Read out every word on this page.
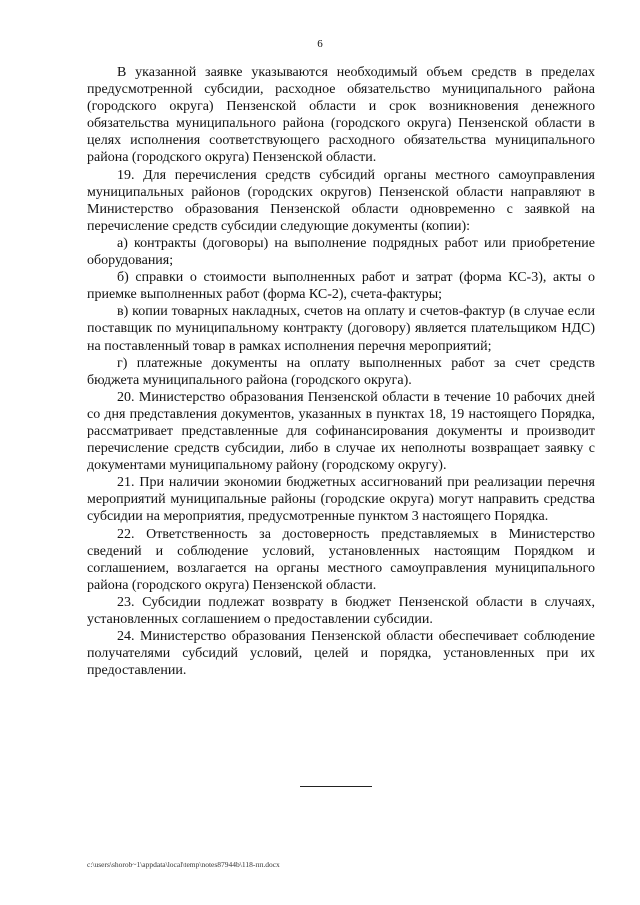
6

В указанной заявке указываются необходимый объем средств в пределах предусмотренной субсидии, расходное обязательство муниципального района (городского округа) Пензенской области и срок возникновения денежного обязательства муниципального района (городского округа) Пензенской области в целях исполнения соответствующего расходного обязательства муниципального района (городского округа) Пензенской области.

19. Для перечисления средств субсидий органы местного самоуправления муниципальных районов (городских округов) Пензенской области направляют в Министерство образования Пензенской области одновременно с заявкой на перечисление средств субсидии следующие документы (копии):

а) контракты (договоры) на выполнение подрядных работ или приобретение оборудования;

б) справки о стоимости выполненных работ и затрат (форма КС-3), акты о приемке выполненных работ (форма КС-2), счета-фактуры;

в) копии товарных накладных, счетов на оплату и счетов-фактур (в случае если поставщик по муниципальному контракту (договору) является плательщиком НДС) на поставленный товар в рамках исполнения перечня мероприятий;

г) платежные документы на оплату выполненных работ за счет средств бюджета муниципального района (городского округа).

20. Министерство образования Пензенской области в течение 10 рабочих дней со дня представления документов, указанных в пунктах 18, 19 настоящего Порядка, рассматривает представленные для софинансирования документы и производит перечисление средств субсидии, либо в случае их неполноты возвращает заявку с документами муниципальному району (городскому округу).

21. При наличии экономии бюджетных ассигнований при реализации перечня мероприятий муниципальные районы (городские округа) могут направить средства субсидии на мероприятия, предусмотренные пунктом 3 настоящего Порядка.

22. Ответственность за достоверность представляемых в Министерство сведений и соблюдение условий, установленных настоящим Порядком и соглашением, возлагается на органы местного самоуправления муниципального района (городского округа) Пензенской области.

23. Субсидии подлежат возврату в бюджет Пензенской области в случаях, установленных соглашением о предоставлении субсидии.

24. Министерство образования Пензенской области обеспечивает соблюдение получателями субсидий условий, целей и порядка, установленных при их предоставлении.

c:\users\shorob~1\appdata\local\temp\notes87944b\118-пп.docx
